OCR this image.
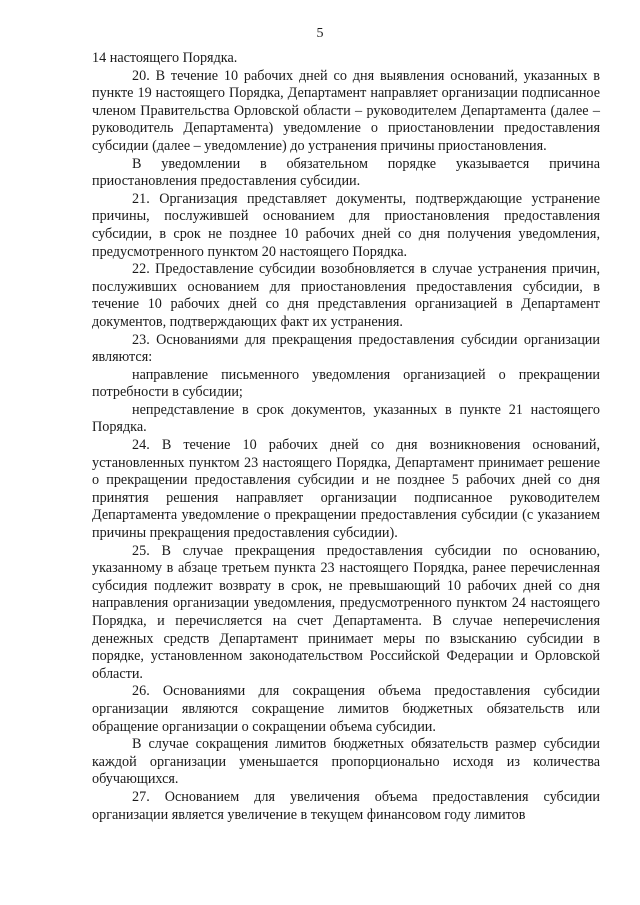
5

14 настоящего Порядка.

20. В течение 10 рабочих дней со дня выявления оснований, указанных в пункте 19 настоящего Порядка, Департамент направляет организации подписанное членом Правительства Орловской области – руководителем Департамента (далее – руководитель Департамента) уведомление о приостановлении предоставления субсидии (далее – уведомление) до устранения причины приостановления.

В уведомлении в обязательном порядке указывается причина приостановления предоставления субсидии.

21. Организация представляет документы, подтверждающие устранение причины, послужившей основанием для приостановления предоставления субсидии, в срок не позднее 10 рабочих дней со дня получения уведомления, предусмотренного пунктом 20 настоящего Порядка.

22. Предоставление субсидии возобновляется в случае устранения причин, послуживших основанием для приостановления предоставления субсидии, в течение 10 рабочих дней со дня представления организацией в Департамент документов, подтверждающих факт их устранения.

23. Основаниями для прекращения предоставления субсидии организации являются:

направление письменного уведомления организацией о прекращении потребности в субсидии;

непредставление в срок документов, указанных в пункте 21 настоящего Порядка.

24. В течение 10 рабочих дней со дня возникновения оснований, установленных пунктом 23 настоящего Порядка, Департамент принимает решение о прекращении предоставления субсидии и не позднее 5 рабочих дней со дня принятия решения направляет организации подписанное руководителем Департамента уведомление о прекращении предоставления субсидии (с указанием причины прекращения предоставления субсидии).

25. В случае прекращения предоставления субсидии по основанию, указанному в абзаце третьем пункта 23 настоящего Порядка, ранее перечисленная субсидия подлежит возврату в срок, не превышающий 10 рабочих дней со дня направления организации уведомления, предусмотренного пунктом 24 настоящего Порядка, и перечисляется на счет Департамента. В случае неперечисления денежных средств Департамент принимает меры по взысканию субсидии в порядке, установленном законодательством Российской Федерации и Орловской области.

26. Основаниями для сокращения объема предоставления субсидии организации являются сокращение лимитов бюджетных обязательств или обращение организации о сокращении объема субсидии.

В случае сокращения лимитов бюджетных обязательств размер субсидии каждой организации уменьшается пропорционально исходя из количества обучающихся.

27. Основанием для увеличения объема предоставления субсидии организации является увеличение в текущем финансовом году лимитов
